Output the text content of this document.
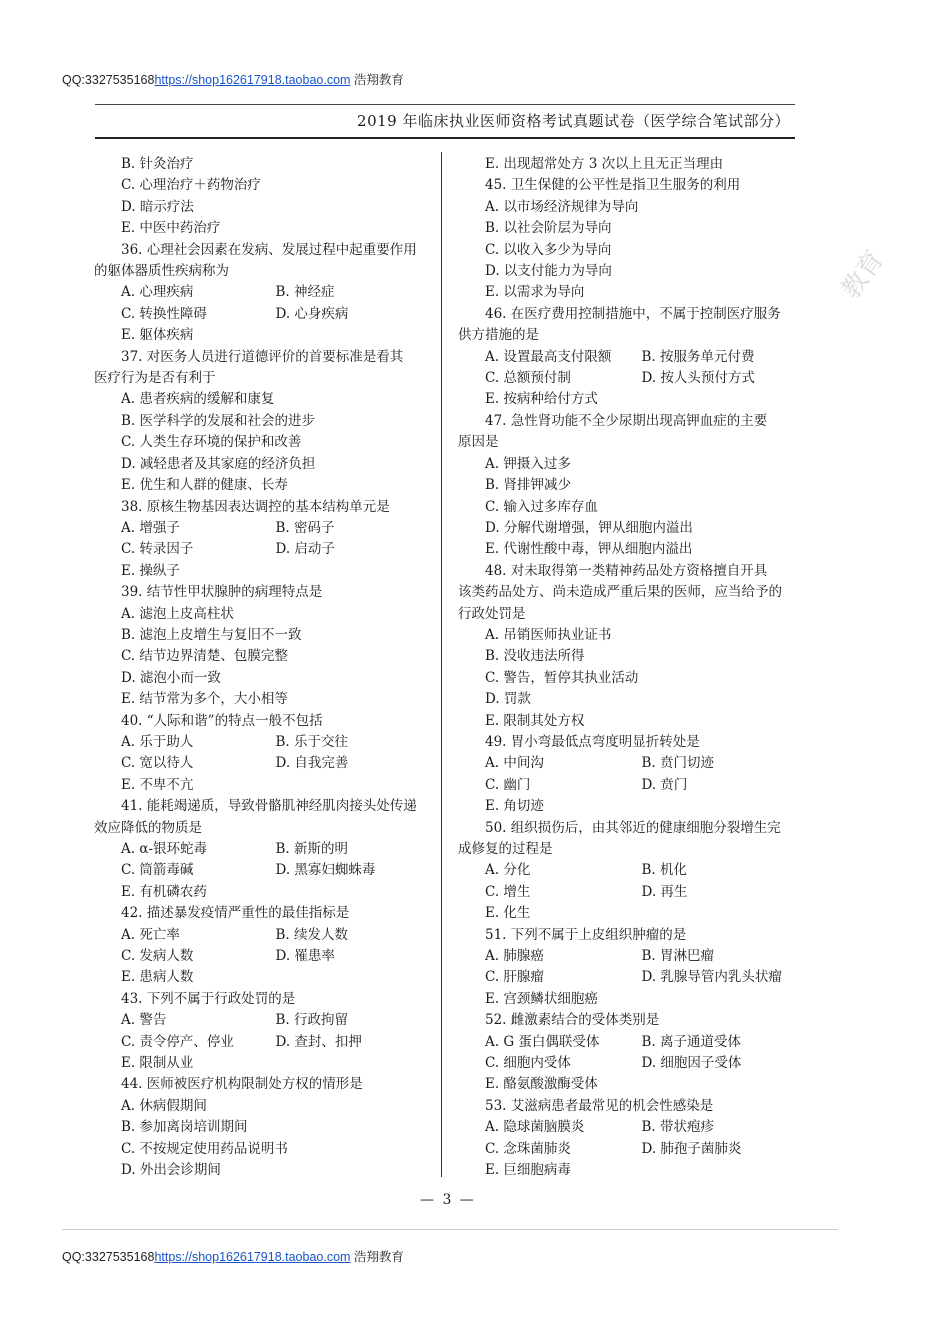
QQ:3327535168https://shop162617918.taobao.com 浩翔教育
2019 年临床执业医师资格考试真题试卷（医学综合笔试部分）
教育
B. 针灸治疗
C. 心理治疗＋药物治疗
D. 暗示疗法
E. 中医中药治疗
36. 心理社会因素在发病、发展过程中起重要作用
的躯体器质性疾病称为
A. 心理疾病	B. 神经症
C. 转换性障碍	D. 心身疾病
E. 躯体疾病
37. 对医务人员进行道德评价的首要标准是看其
医疗行为是否有利于
A. 患者疾病的缓解和康复
B. 医学科学的发展和社会的进步
C. 人类生存环境的保护和改善
D. 减轻患者及其家庭的经济负担
E. 优生和人群的健康、长寿
38. 原核生物基因表达调控的基本结构单元是
A. 增强子	B. 密码子
C. 转录因子	D. 启动子
E. 操纵子
39. 结节性甲状腺肿的病理特点是
A. 滤泡上皮高柱状
B. 滤泡上皮增生与复旧不一致
C. 结节边界清楚、包膜完整
D. 滤泡小而一致
E. 结节常为多个，大小相等
40. “人际和谐”的特点一般不包括
A. 乐于助人	B. 乐于交往
C. 宽以待人	D. 自我完善
E. 不卑不亢
41. 能耗竭递质，导致骨骼肌神经肌肉接头处传递
效应降低的物质是
A. α-银环蛇毒	B. 新斯的明
C. 筒箭毒碱	D. 黑寡妇蜘蛛毒
E. 有机磷农药
42. 描述暴发疫情严重性的最佳指标是
A. 死亡率	B. 续发人数
C. 发病人数	D. 罹患率
E. 患病人数
43. 下列不属于行政处罚的是
A. 警告	B. 行政拘留
C. 责令停产、停业	D. 查封、扣押
E. 限制从业
44. 医师被医疗机构限制处方权的情形是
A. 休病假期间
B. 参加离岗培训期间
C. 不按规定使用药品说明书
D. 外出会诊期间
E. 出现超常处方 3 次以上且无正当理由
45. 卫生保健的公平性是指卫生服务的利用
A. 以市场经济规律为导向
B. 以社会阶层为导向
C. 以收入多少为导向
D. 以支付能力为导向
E. 以需求为导向
46. 在医疗费用控制措施中，不属于控制医疗服务
供方措施的是
A. 设置最高支付限额	B. 按服务单元付费
C. 总额预付制	D. 按人头预付方式
E. 按病种给付方式
47. 急性肾功能不全少尿期出现高钾血症的主要
原因是
A. 钾摄入过多
B. 肾排钾减少
C. 输入过多库存血
D. 分解代谢增强，钾从细胞内溢出
E. 代谢性酸中毒，钾从细胞内溢出
48. 对未取得第一类精神药品处方资格擅自开具
该类药品处方、尚未造成严重后果的医师，应当给予的
行政处罚是
A. 吊销医师执业证书
B. 没收违法所得
C. 警告，暂停其执业活动
D. 罚款
E. 限制其处方权
49. 胃小弯最低点弯度明显折转处是
A. 中间沟	B. 贲门切迹
C. 幽门	D. 贲门
E. 角切迹
50. 组织损伤后，由其邻近的健康细胞分裂增生完
成修复的过程是
A. 分化	B. 机化
C. 增生	D. 再生
E. 化生
51. 下列不属于上皮组织肿瘤的是
A. 肺腺癌	B. 胃淋巴瘤
C. 肝腺瘤	D. 乳腺导管内乳头状瘤
E. 宫颈鳞状细胞癌
52. 雌激素结合的受体类别是
A. G 蛋白偶联受体	B. 离子通道受体
C. 细胞内受体	D. 细胞因子受体
E. 酪氨酸激酶受体
53. 艾滋病患者最常见的机会性感染是
A. 隐球菌脑膜炎	B. 带状疱疹
C. 念珠菌肺炎	D. 肺孢子菌肺炎
E. 巨细胞病毒
— 3 —
QQ:3327535168https://shop162617918.taobao.com 浩翔教育
